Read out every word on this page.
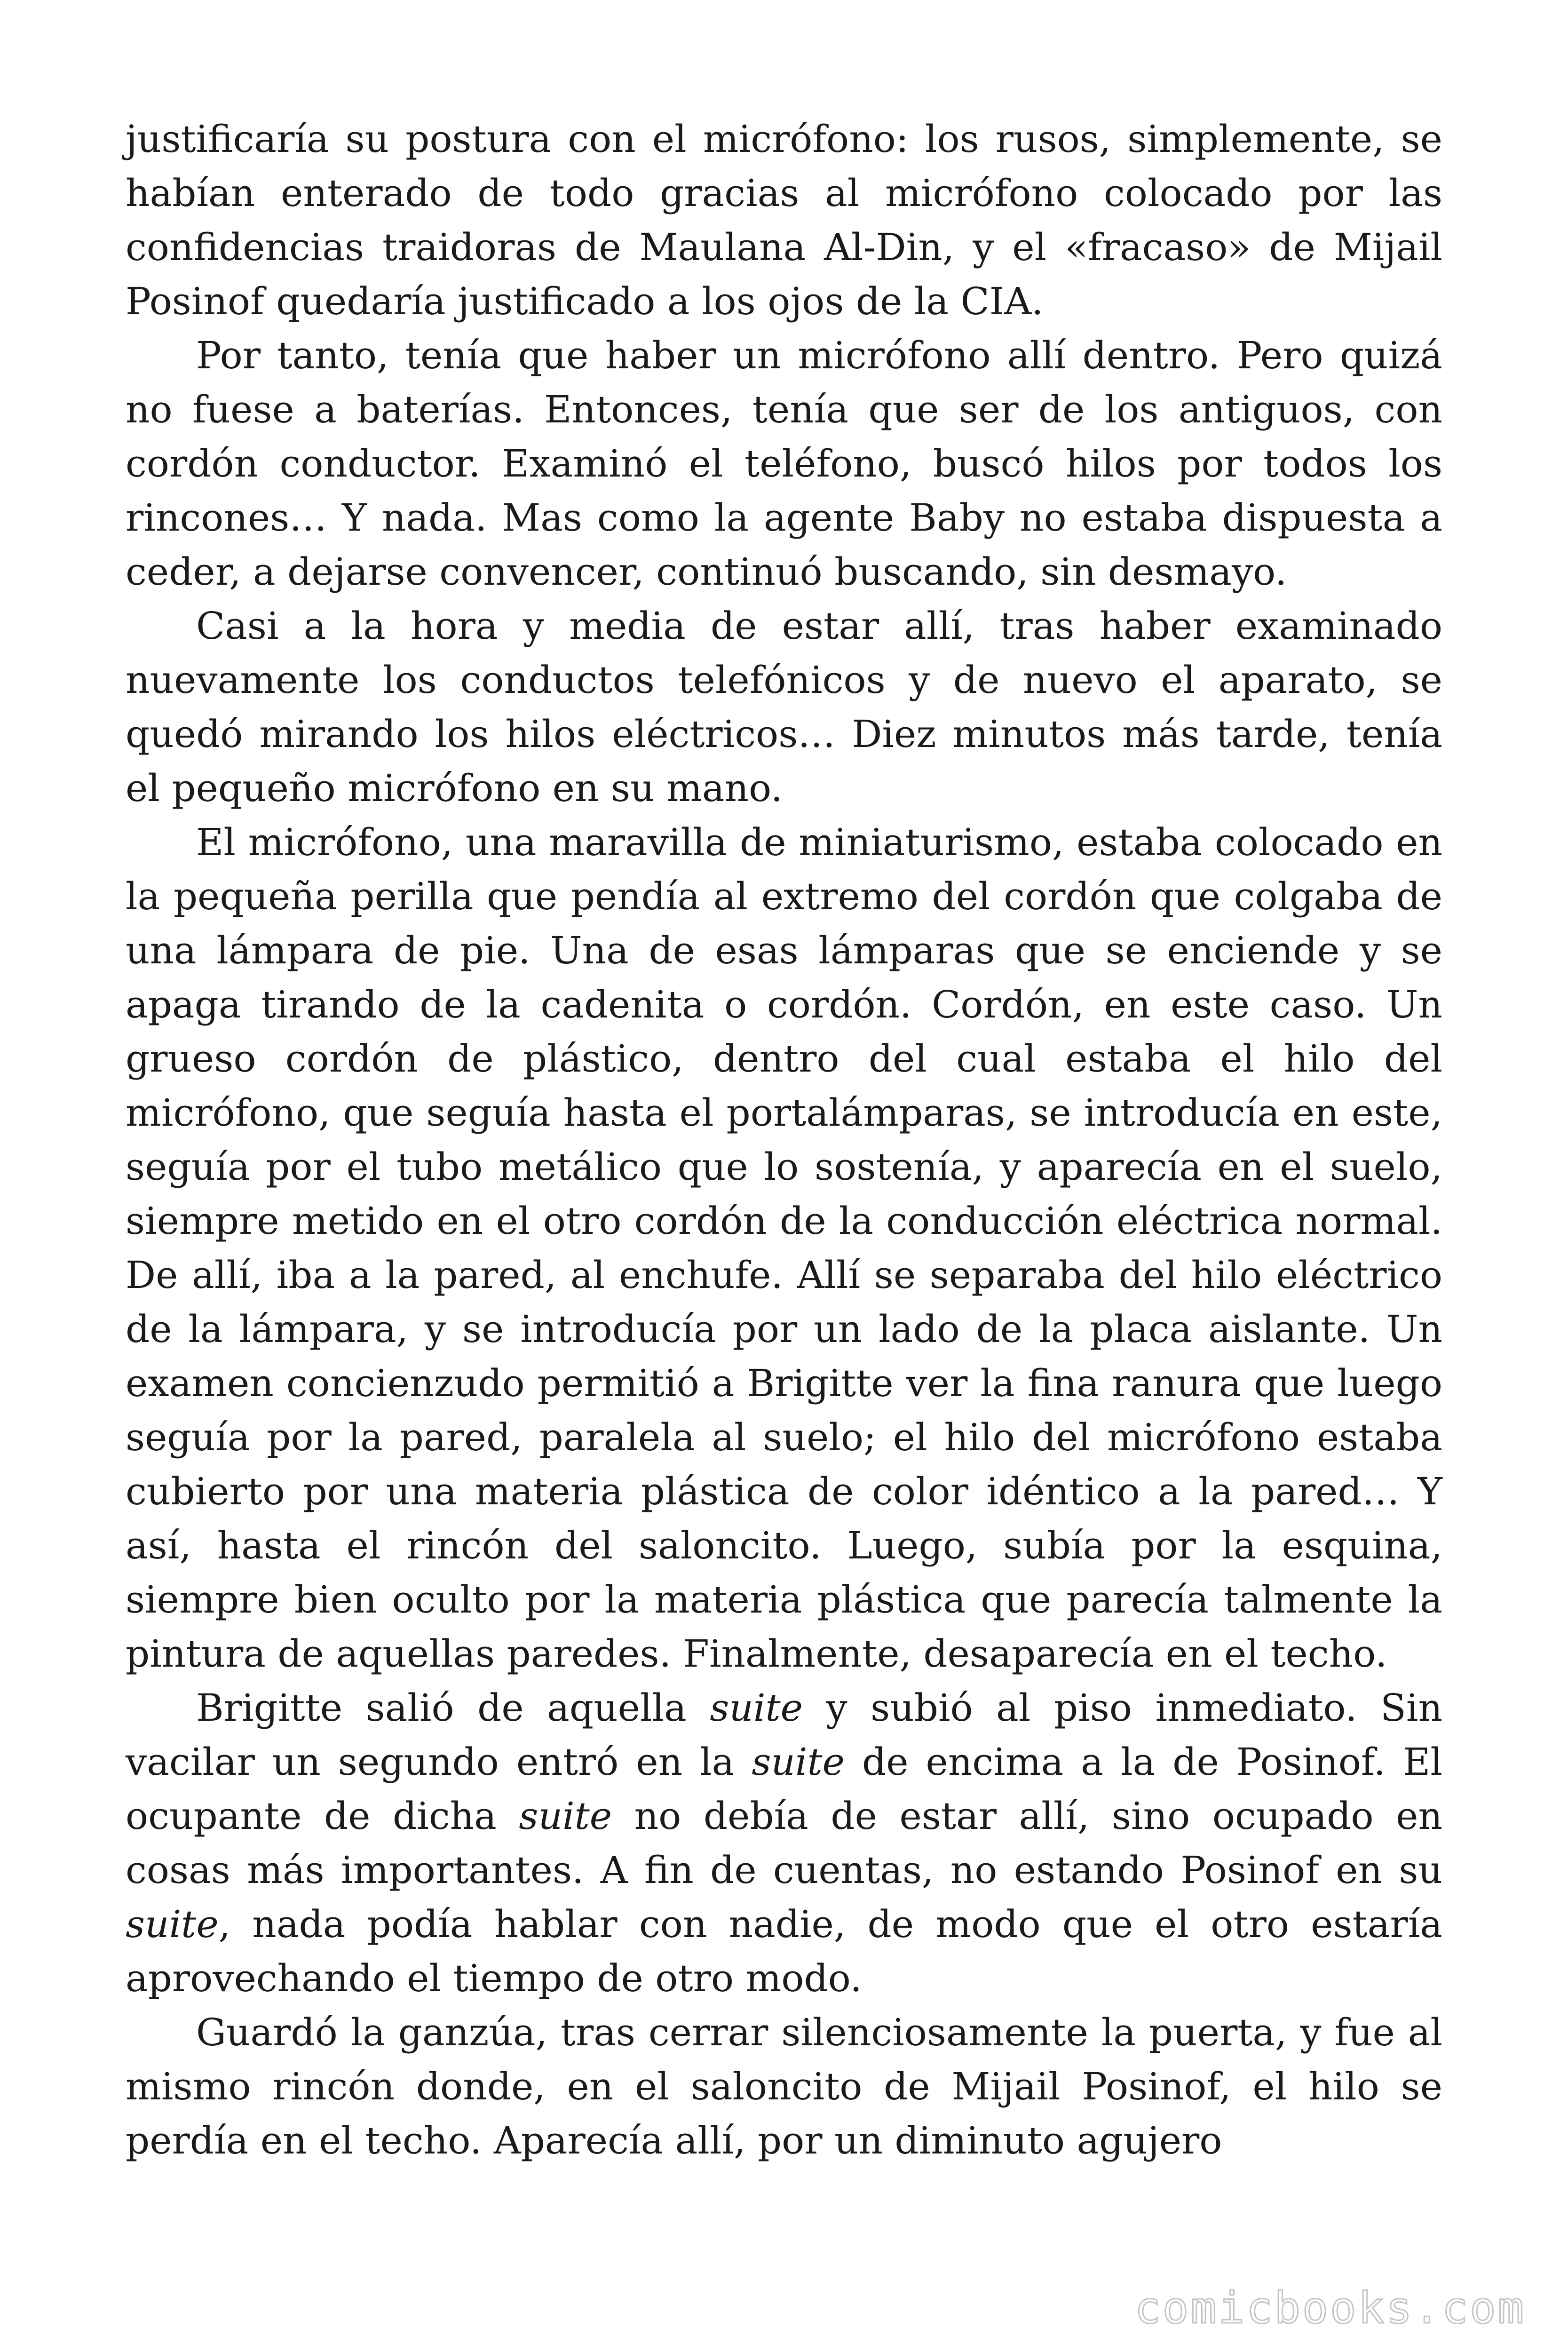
justificaría su postura con el micrófono: los rusos, simplemente, se habían enterado de todo gracias al micrófono colocado por las confidencias traidoras de Maulana Al-Din, y el «fracaso» de Mijail Posinof quedaría justificado a los ojos de la CIA.

Por tanto, tenía que haber un micrófono allí dentro. Pero quizá no fuese a baterías. Entonces, tenía que ser de los antiguos, con cordón conductor. Examinó el teléfono, buscó hilos por todos los rincones… Y nada. Mas como la agente Baby no estaba dispuesta a ceder, a dejarse convencer, continuó buscando, sin desmayo.

Casi a la hora y media de estar allí, tras haber examinado nuevamente los conductos telefónicos y de nuevo el aparato, se quedó mirando los hilos eléctricos… Diez minutos más tarde, tenía el pequeño micrófono en su mano.

El micrófono, una maravilla de miniaturismo, estaba colocado en la pequeña perilla que pendía al extremo del cordón que colgaba de una lámpara de pie. Una de esas lámparas que se enciende y se apaga tirando de la cadenita o cordón. Cordón, en este caso. Un grueso cordón de plástico, dentro del cual estaba el hilo del micrófono, que seguía hasta el portalámparas, se introducía en este, seguía por el tubo metálico que lo sostenía, y aparecía en el suelo, siempre metido en el otro cordón de la conducción eléctrica normal. De allí, iba a la pared, al enchufe. Allí se separaba del hilo eléctrico de la lámpara, y se introducía por un lado de la placa aislante. Un examen concienzudo permitió a Brigitte ver la fina ranura que luego seguía por la pared, paralela al suelo; el hilo del micrófono estaba cubierto por una materia plástica de color idéntico a la pared… Y así, hasta el rincón del saloncito. Luego, subía por la esquina, siempre bien oculto por la materia plástica que parecía talmente la pintura de aquellas paredes. Finalmente, desaparecía en el techo.

Brigitte salió de aquella suite y subió al piso inmediato. Sin vacilar un segundo entró en la suite de encima a la de Posinof. El ocupante de dicha suite no debía de estar allí, sino ocupado en cosas más importantes. A fin de cuentas, no estando Posinof en su suite, nada podía hablar con nadie, de modo que el otro estaría aprovechando el tiempo de otro modo.

Guardó la ganzúa, tras cerrar silenciosamente la puerta, y fue al mismo rincón donde, en el saloncito de Mijail Posinof, el hilo se perdía en el techo. Aparecía allí, por un diminuto agujero

comicbooks.com
